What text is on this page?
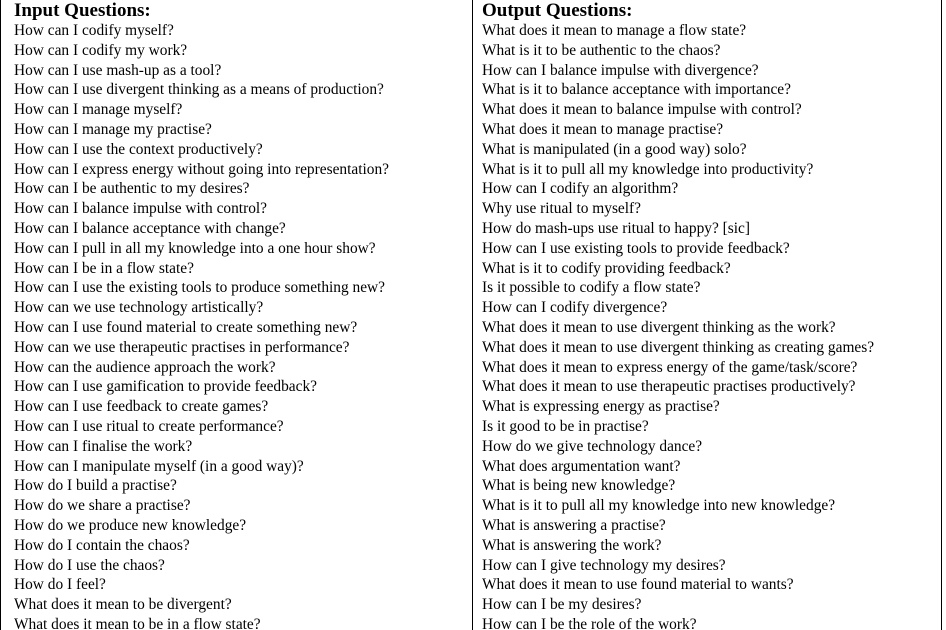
Input Questions:
How can I codify myself?
How can I codify my work?
How can I use mash-up as a tool?
How can I use divergent thinking as a means of production?
How can I manage myself?
How can I manage my practise?
How can I use the context productively?
How can I express energy without going into representation?
How can I be authentic to my desires?
How can I balance impulse with control?
How can I balance acceptance with change?
How can I pull in all my knowledge into a one hour show?
How can I be in a flow state?
How can I use the existing tools to produce something new?
How can we use technology artistically?
How can I use found material to create something new?
How can we use therapeutic practises in performance?
How can the audience approach the work?
How can I use gamification to provide feedback?
How can I use feedback to create games?
How can I use ritual to create performance?
How can I finalise the work?
How can I manipulate myself (in a good way)?
How do I build a practise?
How do we share a practise?
How do we produce new knowledge?
How do I contain the chaos?
How do I use the chaos?
How do I feel?
What does it mean to be divergent?
What does it mean to be in a flow state?
Output Questions:
What does it mean to manage a flow state?
What is it to be authentic to the chaos?
How can I balance impulse with divergence?
What is it to balance acceptance with importance?
What does it mean to balance impulse with control?
What does it mean to manage practise?
What is manipulated (in a good way) solo?
What is it to pull all my knowledge into productivity?
How can I codify an algorithm?
Why use ritual to myself?
How do mash-ups use ritual to happy? [sic]
How can I use existing tools to provide feedback?
What is it to codify providing feedback?
Is it possible to codify a flow state?
How can I codify divergence?
What does it mean to use divergent thinking as the work?
What does it mean to use divergent thinking as creating games?
What does it mean to express energy of the game/task/score?
What does it mean to use therapeutic practises productively?
What is expressing energy as practise?
Is it good to be in practise?
How do we give technology dance?
What does argumentation want?
What is being new knowledge?
What is it to pull all my knowledge into new knowledge?
What is answering a practise?
What is answering the work?
How can I give technology my desires?
What does it mean to use found material to wants?
How can I be my desires?
How can I be the role of the work?
